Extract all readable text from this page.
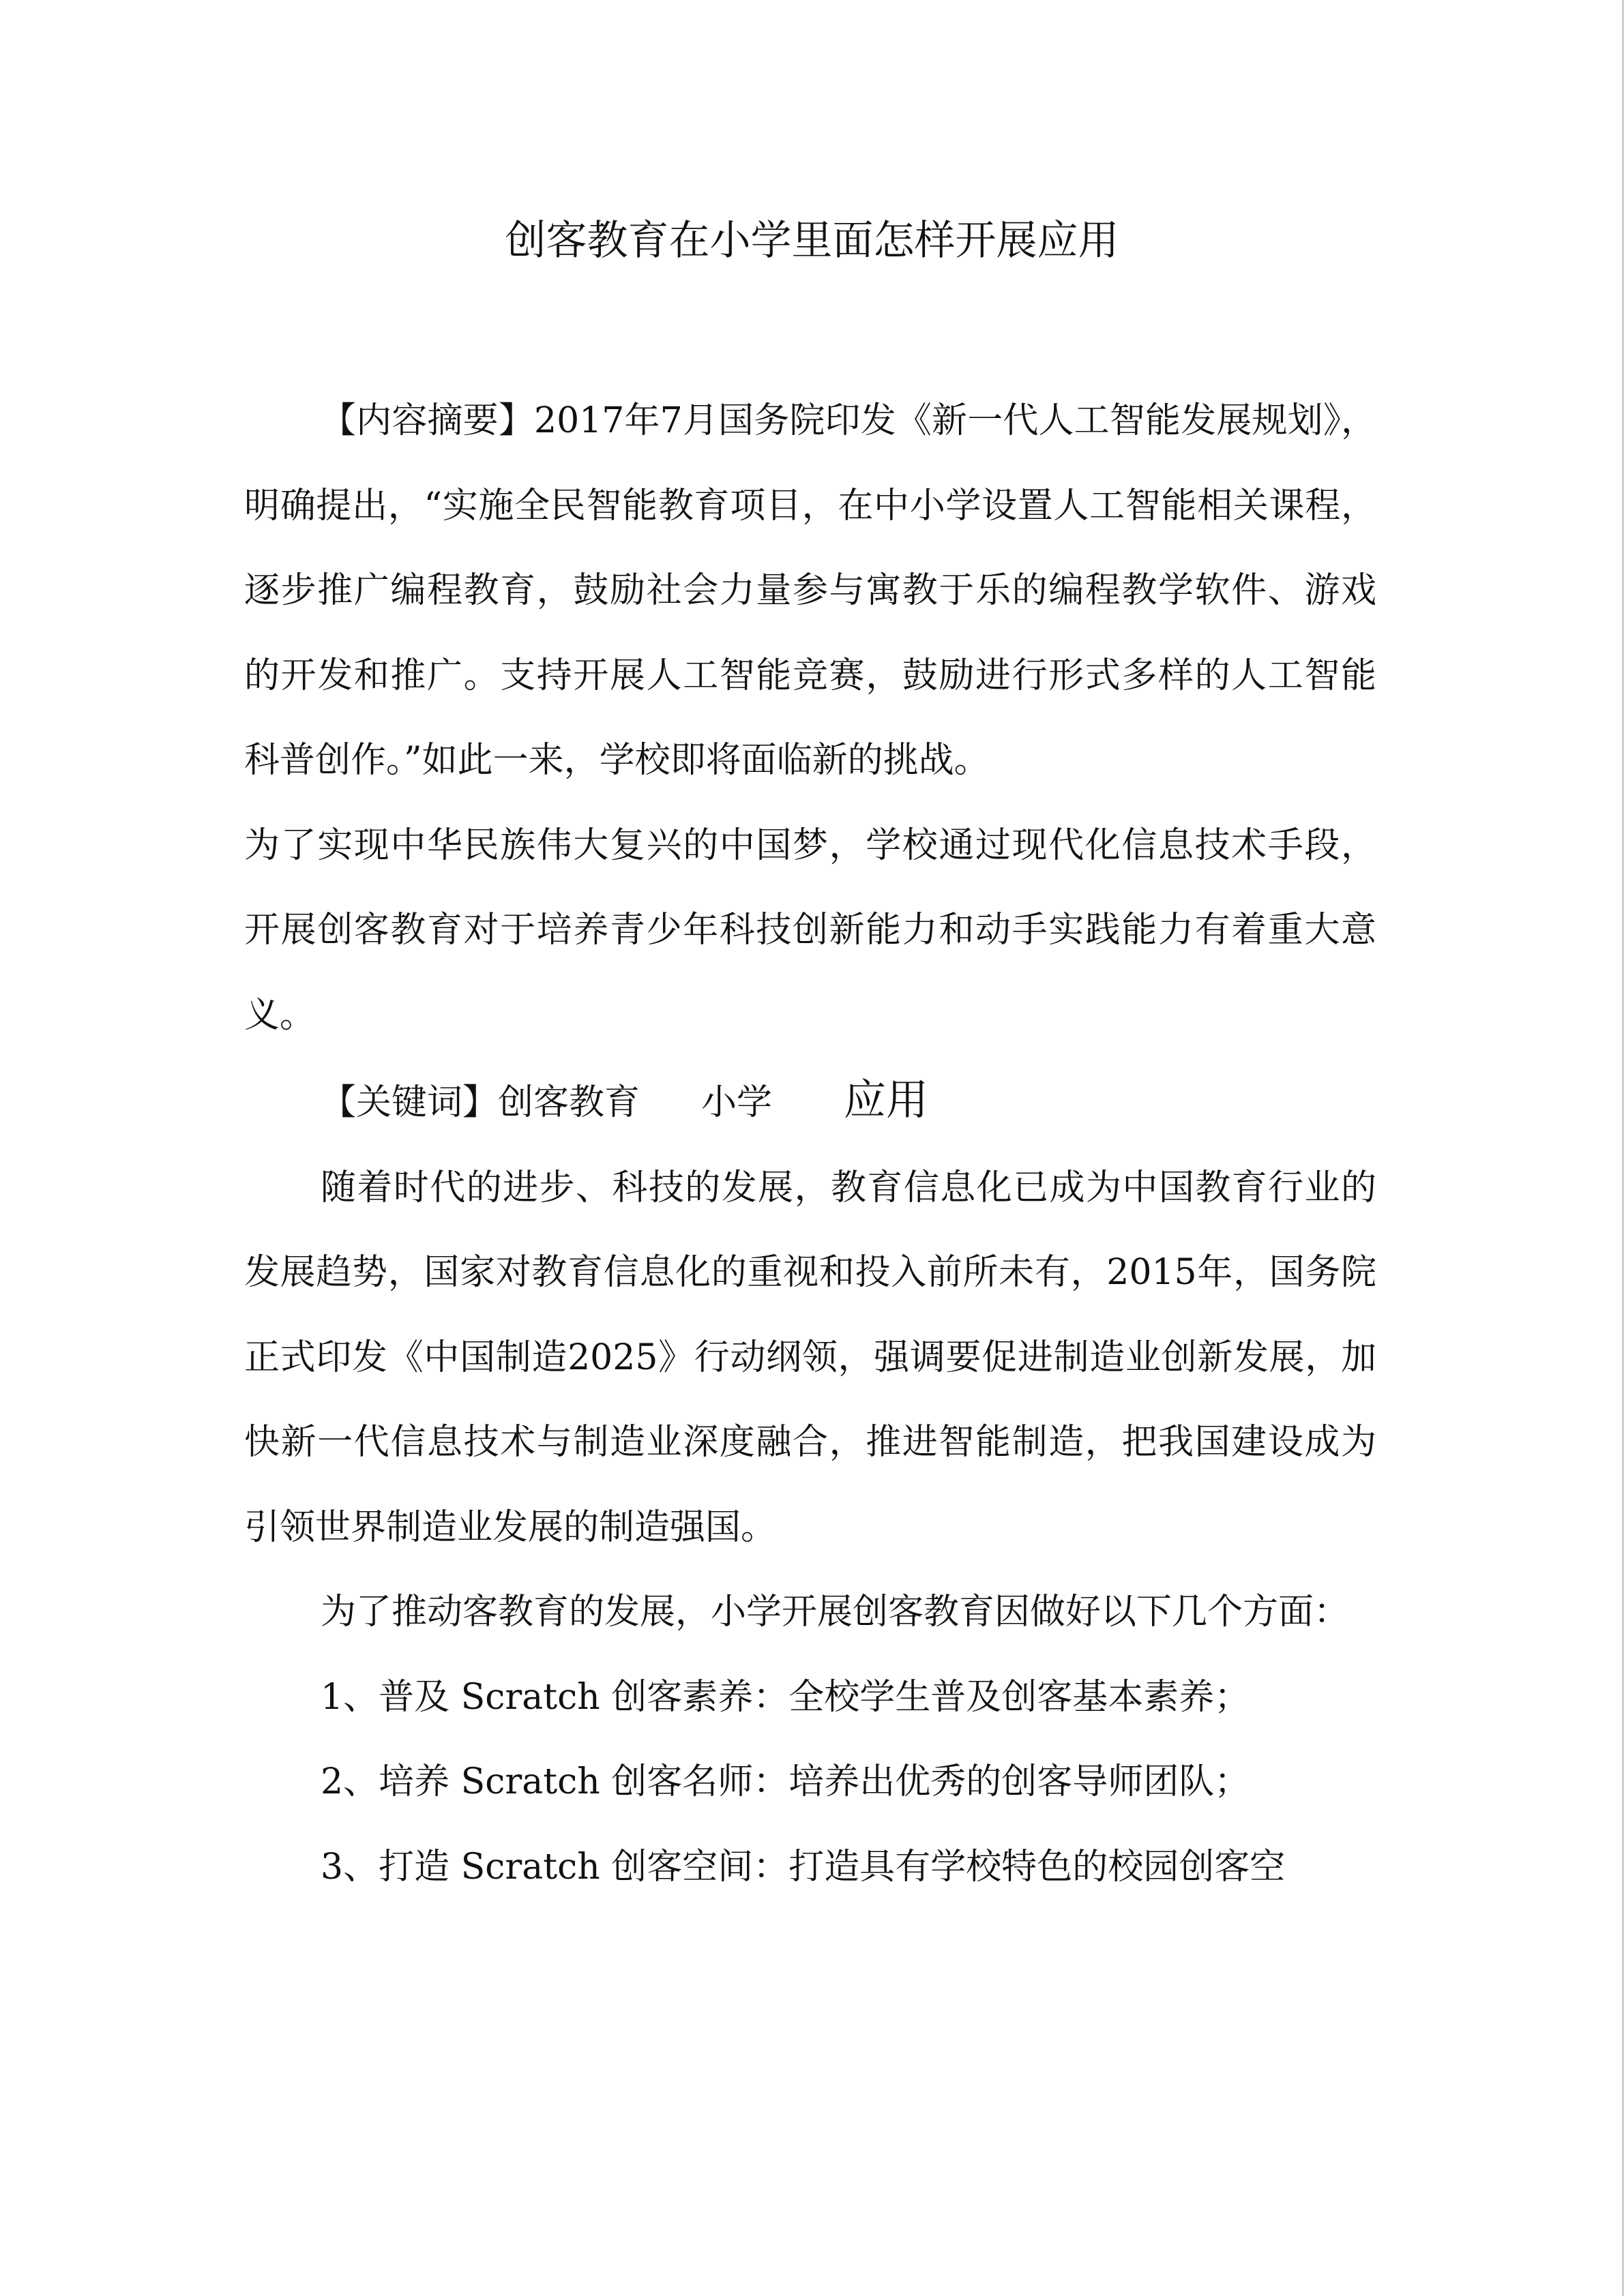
创客教育在小学里面怎样开展应用

【内容摘要】2017年7月国务院印发《新一代人工智能发展规划》，明确提出，“实施全民智能教育项目，在中小学设置人工智能相关课程，逐步推广编程教育，鼓励社会力量参与寓教于乐的编程教学软件、游戏的开发和推广。支持开展人工智能竞赛，鼓励进行形式多样的人工智能科普创作。”如此一来，学校即将面临新的挑战。

为了实现中华民族伟大复兴的中国梦，学校通过现代化信息技术手段，开展创客教育对于培养青少年科技创新能力和动手实践能力有着重大意义。

【关键词】创客教育 小学 应用

随着时代的进步、科技的发展，教育信息化已成为中国教育行业的发展趋势，国家对教育信息化的重视和投入前所未有，2015年，国务院正式印发《中国制造2025》行动纲领，强调要促进制造业创新发展，加快新一代信息技术与制造业深度融合，推进智能制造，把我国建设成为引领世界制造业发展的制造强国。

为了推动客教育的发展，小学开展创客教育因做好以下几个方面：

1、普及 Scratch 创客素养：全校学生普及创客基本素养；

2、培养 Scratch 创客名师：培养出优秀的创客导师团队；

3、打造 Scratch 创客空间：打造具有学校特色的校园创客空
